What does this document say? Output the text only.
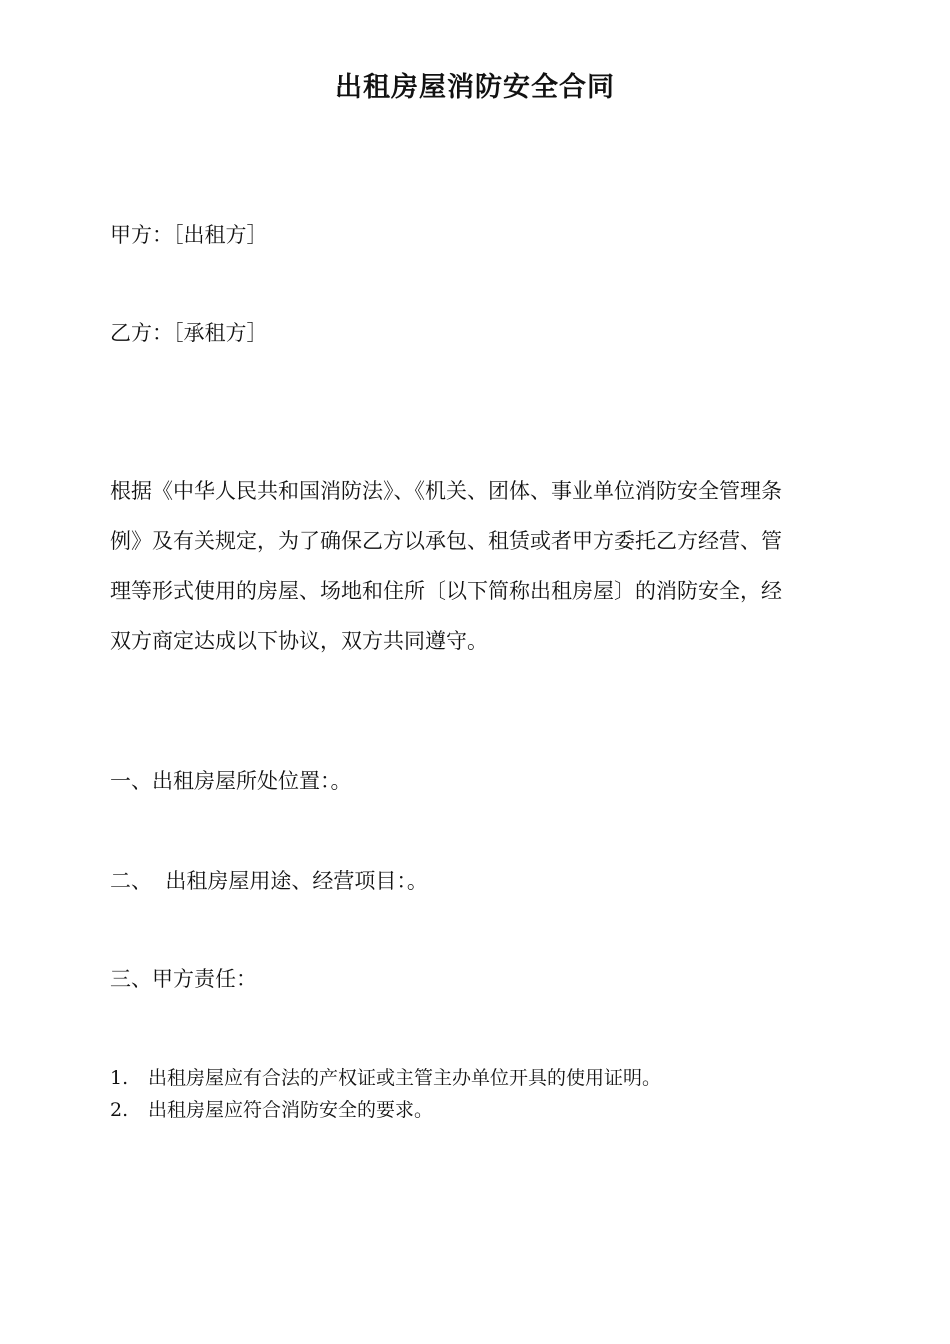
出租房屋消防安全合同
甲方：［出租方］
乙方：［承租方］
根据《中华人民共和国消防法》、《机关、团体、事业单位消防安全管理条
例》及有关规定，为了确保乙方以承包、租赁或者甲方委托乙方经营、管
理等形式使用的房屋、场地和住所〔以下简称出租房屋〕的消防安全，经
双方商定达成以下协议，双方共同遵守。
一、出租房屋所处位置：。
二、  出租房屋用途、经营项目：。
三、甲方责任：
1. 出租房屋应有合法的产权证或主管主办单位开具的使用证明。
2. 出租房屋应符合消防安全的要求。
